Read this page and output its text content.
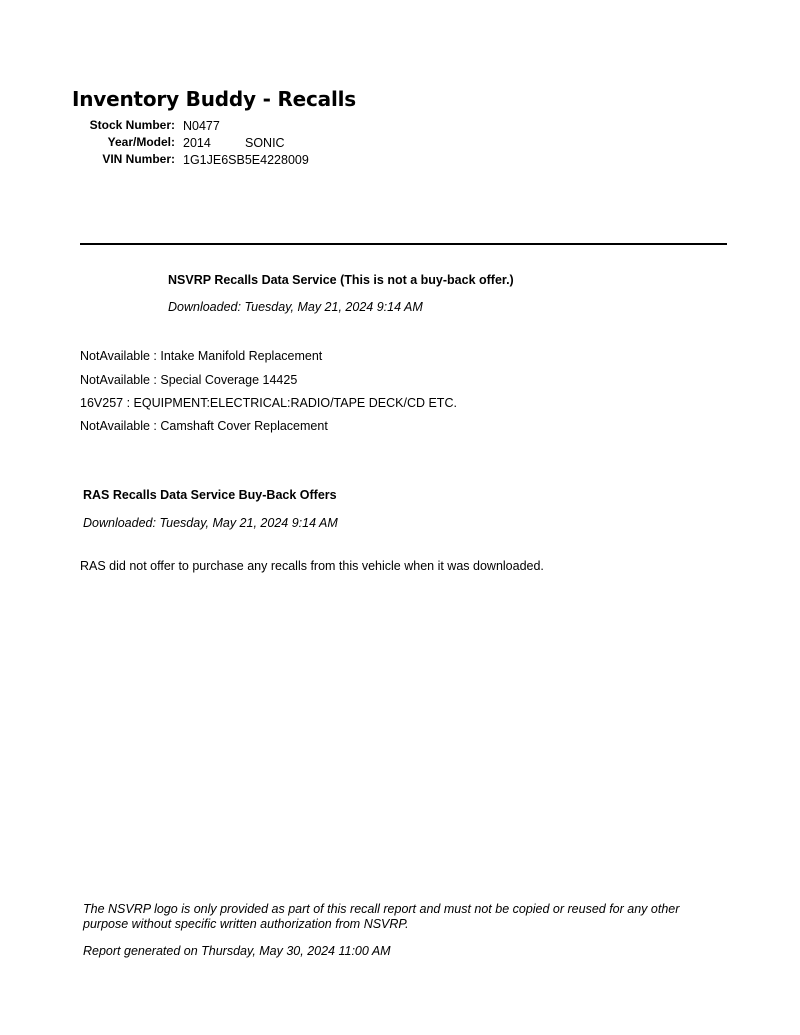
Inventory Buddy - Recalls
Stock Number: N0477
Year/Model: 2014	SONIC
VIN Number: 1G1JE6SB5E4228009
NSVRP Recalls Data Service (This is not a buy-back offer.)
Downloaded: Tuesday, May 21, 2024 9:14 AM
NotAvailable : Intake Manifold Replacement
NotAvailable : Special Coverage 14425
16V257 : EQUIPMENT:ELECTRICAL:RADIO/TAPE DECK/CD ETC.
NotAvailable : Camshaft Cover Replacement
RAS Recalls Data Service Buy-Back Offers
Downloaded: Tuesday, May 21, 2024 9:14 AM
RAS did not offer to purchase any recalls from this vehicle when it was downloaded.
The NSVRP logo is only provided as part of this recall report and must not be copied or reused for any other purpose without specific written authorization from NSVRP.
Report generated on Thursday, May 30, 2024 11:00 AM
